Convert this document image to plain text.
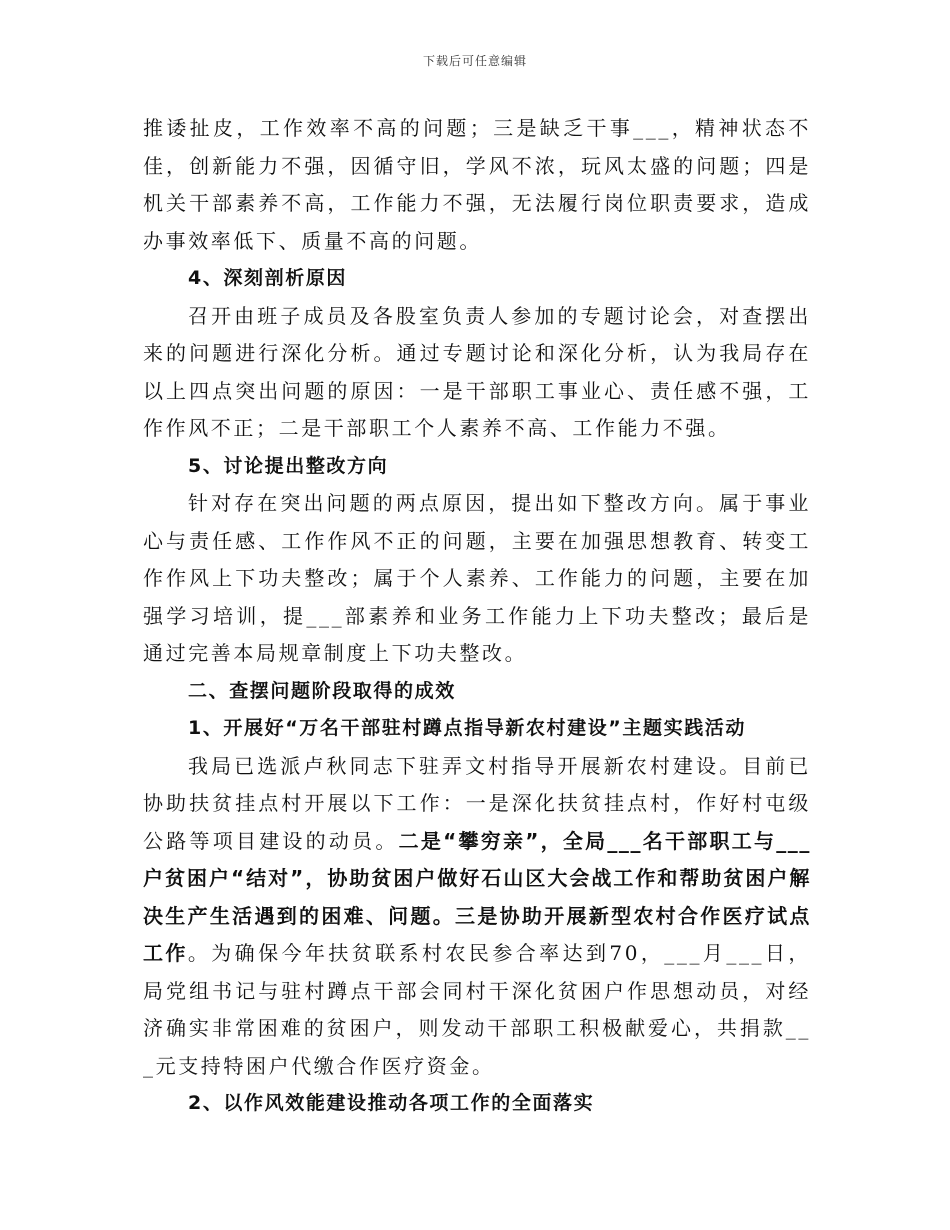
下载后可任意编辑

推诿扯皮，工作效率不高的问题；三是缺乏干事___，精神状态不佳，创新能力不强，因循守旧，学风不浓，玩风太盛的问题；四是机关干部素养不高，工作能力不强，无法履行岗位职责要求，造成办事效率低下、质量不高的问题。

4、深刻剖析原因

召开由班子成员及各股室负责人参加的专题讨论会，对查摆出来的问题进行深化分析。通过专题讨论和深化分析，认为我局存在以上四点突出问题的原因：一是干部职工事业心、责任感不强，工作作风不正；二是干部职工个人素养不高、工作能力不强。

5、讨论提出整改方向

针对存在突出问题的两点原因，提出如下整改方向。属于事业心与责任感、工作作风不正的问题，主要在加强思想教育、转变工作作风上下功夫整改；属于个人素养、工作能力的问题，主要在加强学习培训，提___部素养和业务工作能力上下功夫整改；最后是通过完善本局规章制度上下功夫整改。

二、查摆问题阶段取得的成效

1、开展好“万名干部驻村蹲点指导新农村建设”主题实践活动

我局已选派卢秋同志下驻弄文村指导开展新农村建设。目前已协助扶贫挂点村开展以下工作：一是深化扶贫挂点村，作好村屯级公路等项目建设的动员。二是“攀穷亲”，全局___名干部职工与___户贫困户“结对”，协助贫困户做好石山区大会战工作和帮助贫困户解决生产生活遇到的困难、问题。三是协助开展新型农村合作医疗试点工作。为确保今年扶贫联系村农民参合率达到70，___月___日，局党组书记与驻村蹲点干部会同村干深化贫困户作思想动员，对经济确实非常困难的贫困户，则发动干部职工积极献爱心，共捐款___元支持特困户代缴合作医疗资金。

2、以作风效能建设推动各项工作的全面落实
